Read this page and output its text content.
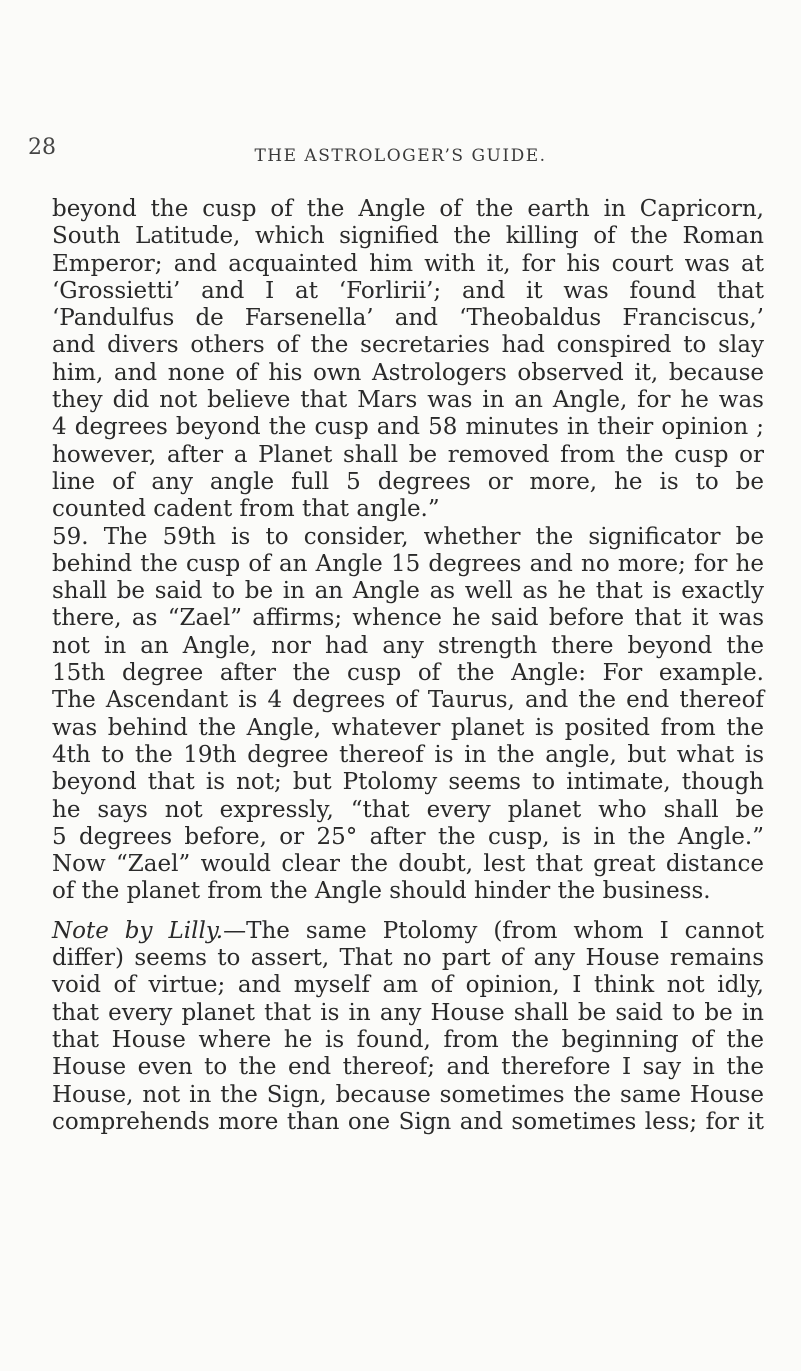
28	THE ASTROLOGER’S GUIDE.
beyond the cusp of the Angle of the earth in Capricorn,
South Latitude, which signified the killing of the Roman
Emperor; and acquainted him with it, for his court was at
‘Grossietti’ and I at ‘Forlirii’; and it was found that
‘Pandulfus de Farsenella’ and ‘Theobaldus Franciscus,’
and divers others of the secretaries had conspired to slay
him, and none of his own Astrologers observed it, because
they did not believe that Mars was in an Angle, for he was
4 degrees beyond the cusp and 58 minutes in their opinion ;
however, after a Planet shall be removed from the cusp or
line of any angle full 5 degrees or more, he is to be
counted cadent from that angle.”
59. The 59th is to consider, whether the significator be
behind the cusp of an Angle 15 degrees and no more; for he
shall be said to be in an Angle as well as he that is exactly
there, as “Zael” affirms; whence he said before that it was
not in an Angle, nor had any strength there beyond the
15th degree after the cusp of the Angle: For example.
The Ascendant is 4 degrees of Taurus, and the end thereof
was behind the Angle, whatever planet is posited from the
4th to the 19th degree thereof is in the angle, but what is
beyond that is not; but Ptolomy seems to intimate, though
he says not expressly, “that every planet who shall be
5 degrees before, or 25° after the cusp, is in the Angle.”
Now “Zael” would clear the doubt, lest that great distance
of the planet from the Angle should hinder the business.
Note by Lilly.—The same Ptolomy (from whom I cannot
differ) seems to assert, That no part of any House remains
void of virtue; and myself am of opinion, I think not idly,
that every planet that is in any House shall be said to be in
that House where he is found, from the beginning of the
House even to the end thereof; and therefore I say in the
House, not in the Sign, because sometimes the same House
comprehends more than one Sign and sometimes less; for it
